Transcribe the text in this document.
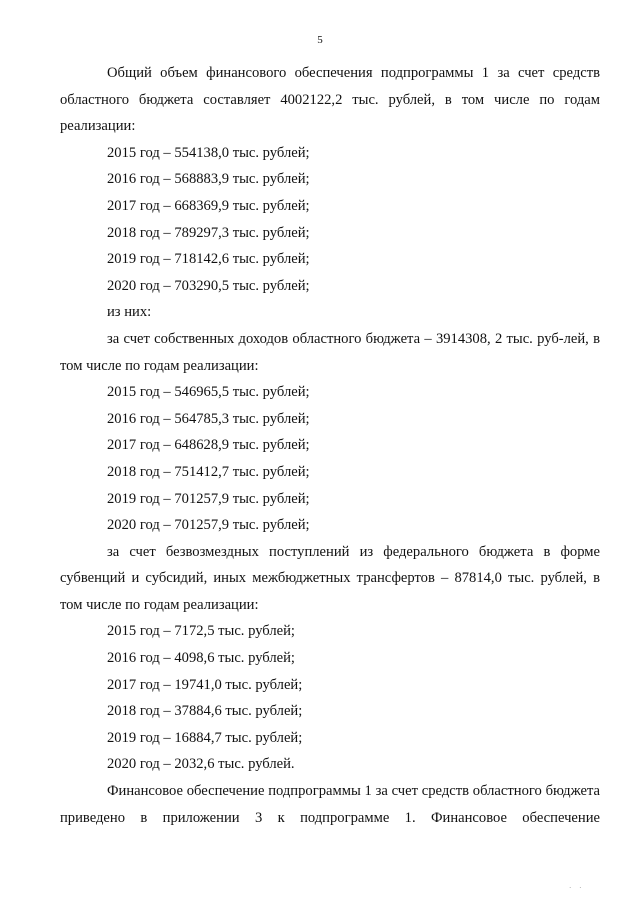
5

Общий объем финансового обеспечения подпрограммы 1 за счет средств областного бюджета составляет 4002122,2 тыс. рублей, в том числе по годам реализации:

2015 год – 554138,0 тыс. рублей;

2016 год – 568883,9 тыс. рублей;

2017 год – 668369,9 тыс. рублей;

2018 год – 789297,3 тыс. рублей;

2019 год – 718142,6 тыс. рублей;

2020 год – 703290,5 тыс. рублей;

из них:

за счет собственных доходов областного бюджета – 3914308, 2 тыс. руб-лей, в том числе по годам реализации:

2015 год – 546965,5 тыс. рублей;

2016 год – 564785,3 тыс. рублей;

2017 год – 648628,9 тыс. рублей;

2018 год – 751412,7 тыс. рублей;

2019 год – 701257,9 тыс. рублей;

2020 год – 701257,9 тыс. рублей;

за счет безвозмездных поступлений из федерального бюджета в форме субвенций и субсидий, иных межбюджетных трансфертов – 87814,0 тыс. рублей, в том числе по годам реализации:

2015 год – 7172,5 тыс. рублей;

2016 год – 4098,6 тыс. рублей;

2017 год – 19741,0 тыс. рублей;

2018 год – 37884,6 тыс. рублей;

2019 год – 16884,7 тыс. рублей;

2020 год – 2032,6 тыс. рублей.

Финансовое обеспечение подпрограммы 1 за счет средств областного бюджета приведено в приложении 3 к подпрограмме 1. Финансовое обеспечение

· ·
